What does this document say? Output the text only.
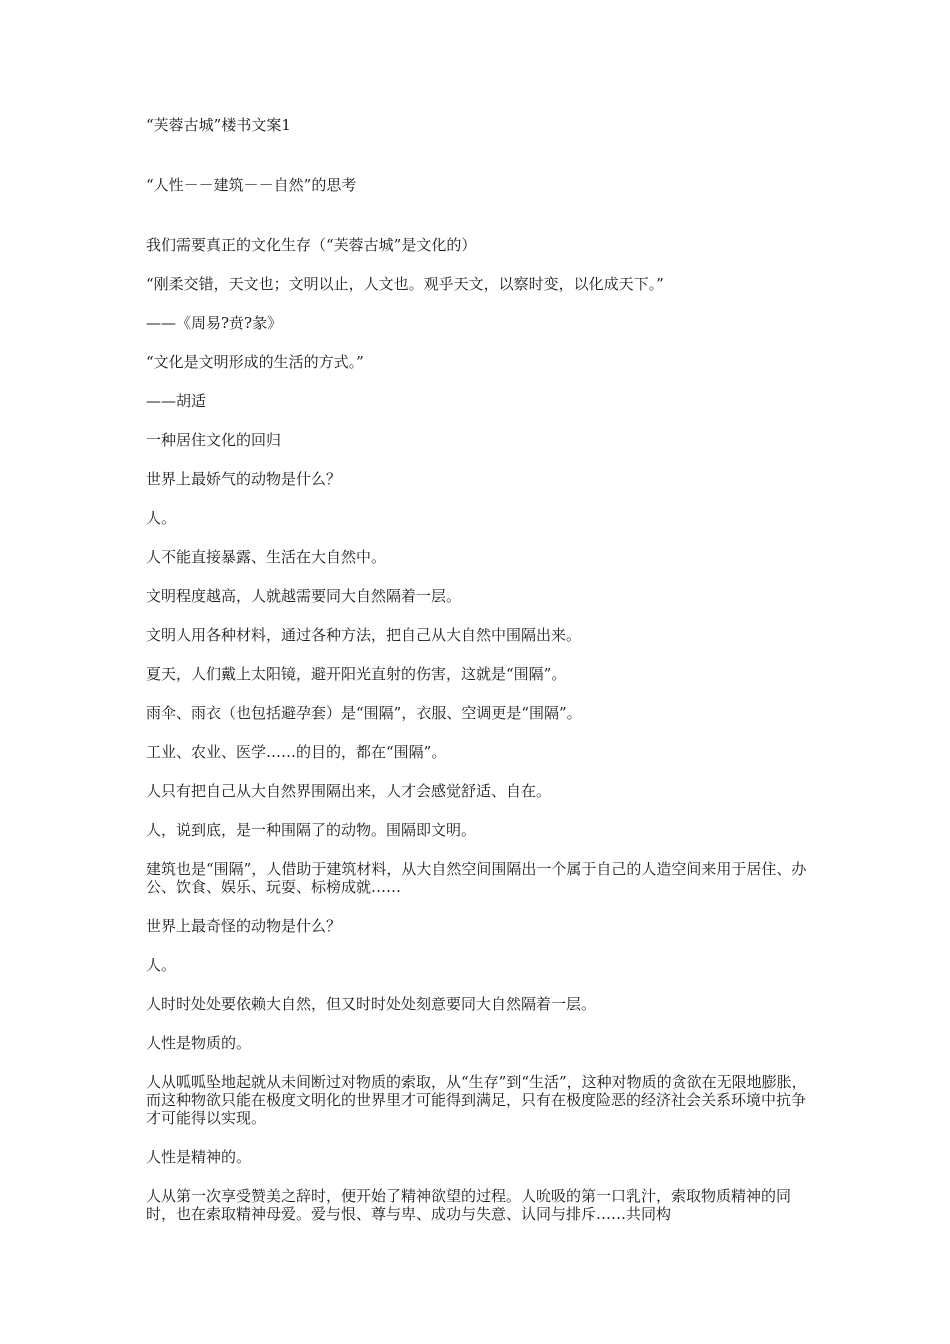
“芙蓉古城”楼书文案1

“人性－－建筑－－自然”的思考

我们需要真正的文化生存（“芙蓉古城”是文化的）

“刚柔交错，天文也；文明以止，人文也。观乎天文，以察时变，以化成天下。”

——《周易?贲?彖》

“文化是文明形成的生活的方式。”

——胡适

一种居住文化的回归

世界上最娇气的动物是什么？

人。

人不能直接暴露、生活在大自然中。

文明程度越高，人就越需要同大自然隔着一层。

文明人用各种材料，通过各种方法，把自己从大自然中围隔出来。

夏天，人们戴上太阳镜，避开阳光直射的伤害，这就是“围隔”。

雨伞、雨衣（也包括避孕套）是“围隔”，衣服、空调更是“围隔”。

工业、农业、医学……的目的，都在“围隔”。

人只有把自己从大自然界围隔出来，人才会感觉舒适、自在。

人，说到底，是一种围隔了的动物。围隔即文明。

建筑也是“围隔”，人借助于建筑材料，从大自然空间围隔出一个属于自己的人造空间来用于居住、办公、饮食、娱乐、玩耍、标榜成就……

世界上最奇怪的动物是什么？

人。

人时时处处要依赖大自然，但又时时处处刻意要同大自然隔着一层。

人性是物质的。

人从呱呱坠地起就从未间断过对物质的索取，从“生存”到“生活”，这种对物质的贪欲在无限地膨胀，而这种物欲只能在极度文明化的世界里才可能得到满足，只有在极度险恶的经济社会关系环境中抗争才可能得以实现。

人性是精神的。

人从第一次享受赞美之辞时，便开始了精神欲望的过程。人吮吸的第一口乳汁，索取物质精神的同时，也在索取精神母爱。爱与恨、尊与卑、成功与失意、认同与排斥……共同构
